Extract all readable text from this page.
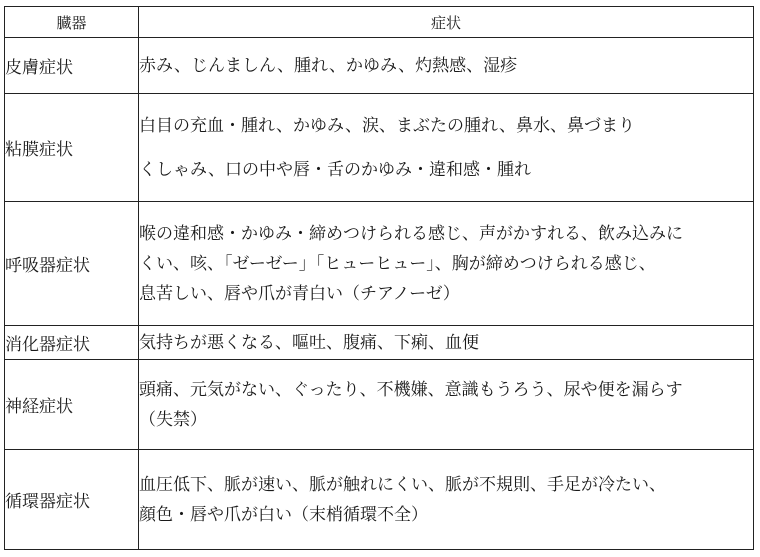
臓器	症状
皮膚症状	赤み、じんましん、腫れ、かゆみ、灼熱感、湿疹

粘膜症状	白目の充血・腫れ、かゆみ、涙、まぶたの腫れ、鼻水、鼻づまり
くしゃみ、口の中や唇・舌のかゆみ・違和感・腫れ

呼吸器症状	喉の違和感・かゆみ・締めつけられる感じ、声がかすれる、飲み込みに
くい、咳、「ゼーゼー」「ヒューヒュー」、胸が締めつけられる感じ、
息苦しい、唇や爪が青白い（チアノーゼ）

消化器症状	気持ちが悪くなる、嘔吐、腹痛、下痢、血便

神経症状	頭痛、元気がない、ぐったり、不機嫌、意識もうろう、尿や便を漏らす
（失禁）

循環器症状	血圧低下、脈が速い、脈が触れにくい、脈が不規則、手足が冷たい、
顔色・唇や爪が白い（末梢循環不全）
